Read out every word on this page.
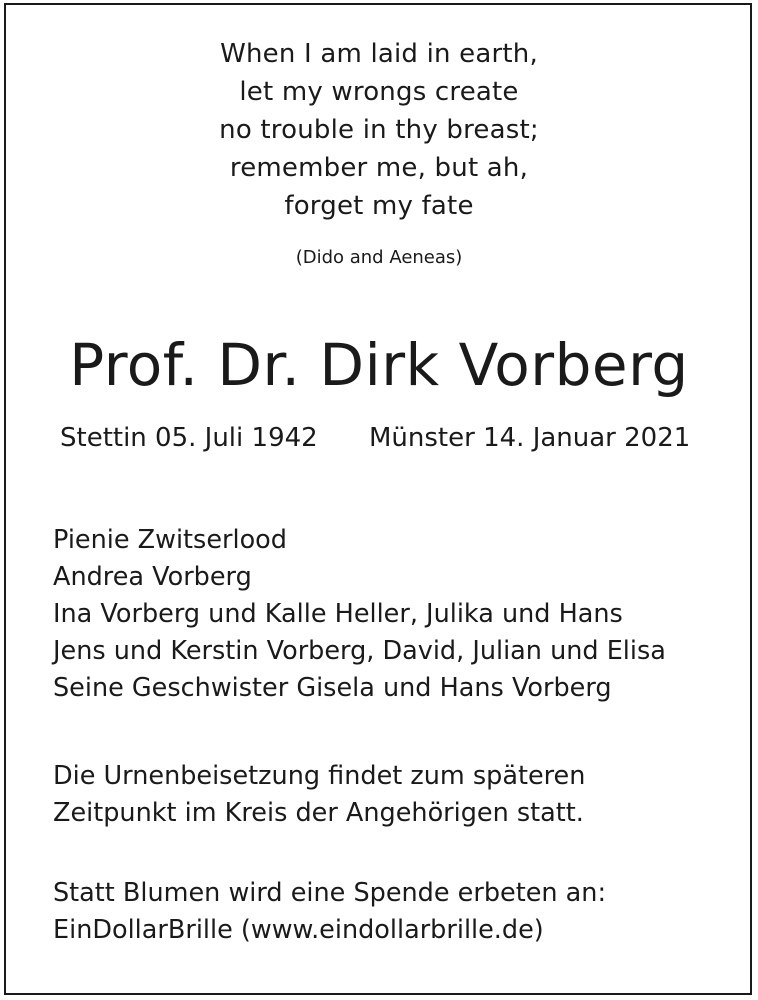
When I am laid in earth,
let my wrongs create
no trouble in thy breast;
remember me, but ah,
forget my fate
(Dido and Aeneas)
Prof. Dr. Dirk Vorberg
Stettin 05. Juli 1942 Münster 14. Januar 2021
Pienie Zwitserlood
Andrea Vorberg
Ina Vorberg und Kalle Heller, Julika und Hans
Jens und Kerstin Vorberg, David, Julian und Elisa
Seine Geschwister Gisela und Hans Vorberg
Die Urnenbeisetzung findet zum späteren
Zeitpunkt im Kreis der Angehörigen statt.
Statt Blumen wird eine Spende erbeten an:
EinDollarBrille (www.eindollarbrille.de)
